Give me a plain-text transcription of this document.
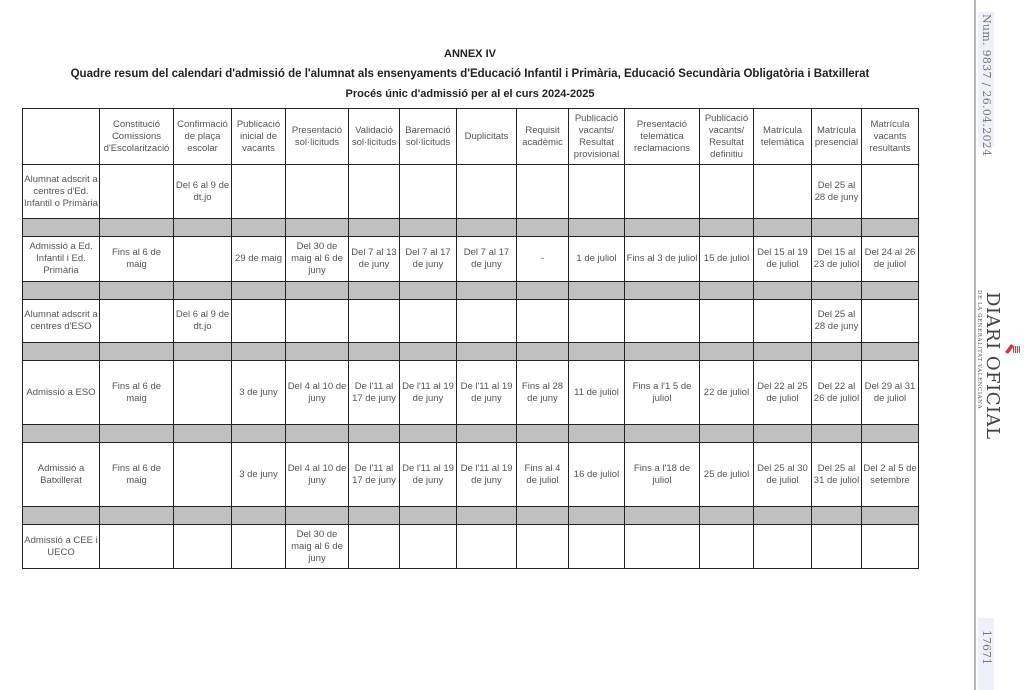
ANNEX IV
Quadre resum del calendari d'admissió de l'alumnat als ensenyaments d'Educació Infantil i Primària, Educació Secundària Obligatòria i Batxillerat
Procés únic d'admissió per al el curs 2024-2025
	Constitució Comissions d'Escolarització	Confirmació de plaça escolar	Publicació inicial de vacants	Presentació sol·licituds	Validació sol·licituds	Baremació sol·licituds	Duplicitats	Requisit acadèmic	Publicació vacants/ Resultat provisional	Presentació telemàtica reclamacions	Publicació vacants/ Resultat definitiu	Matrícula telemàtica	Matrícula presencial	Matrícula vacants resultants
Alumnat adscrit a centres d'Ed. Infantil o Primària		Del 6 al 9 de dt.jo											Del 25 al 28 de juny	

Admissió a Ed. Infantil i Ed. Primària	Fins al 6 de maig		29 de maig	Del 30 de maig al 6 de juny	Del 7 al 13 de juny	Del 7 al 17 de juny	Del 7 al 17 de juny	-	1 de juliol	Fins al 3 de juliol	15 de juliol	Del 15 al 19 de juliol	Del 15 al 23 de juliol	Del 24 al 26 de juliol

Alumnat adscrit a centres d'ESO		Del 6 al 9 de dt.jo											Del 25 al 28 de juny	

Admissió a ESO	Fins al 6 de maig		3 de juny	Del 4 al 10 de juny	De l'11 al 17 de juny	De l'11 al 19 de juny	De l'11 al 19 de juny	Fins al 28 de juny	11 de juliol	Fins a l'1 5 de juliol	22 de juliol	Del 22 al 25 de juliol	Del 22 al 26 de juliol	Del 29 al 31 de juliol

Admissió a Batxillerat	Fins al 6 de maig		3 de juny	Del 4 al 10 de juny	De l'11 al 17 de juny	De l'11 al 19 de juny	De l'11 al 19 de juny	Fins al 4 de juliol	16 de juliol	Fins a l'18 de juliol	25 de juliol	Del 25 al 30 de juliol	Del 25 al 31 de juliol	Del 2 al 5 de setembre

Admissió a CEE i UECO				Del 30 de maig al 6 de juny										
Num. 9837 / 26.04.2024
DE LA GENERALITAT VALENCIANA DIARI OFICIAL
17671
